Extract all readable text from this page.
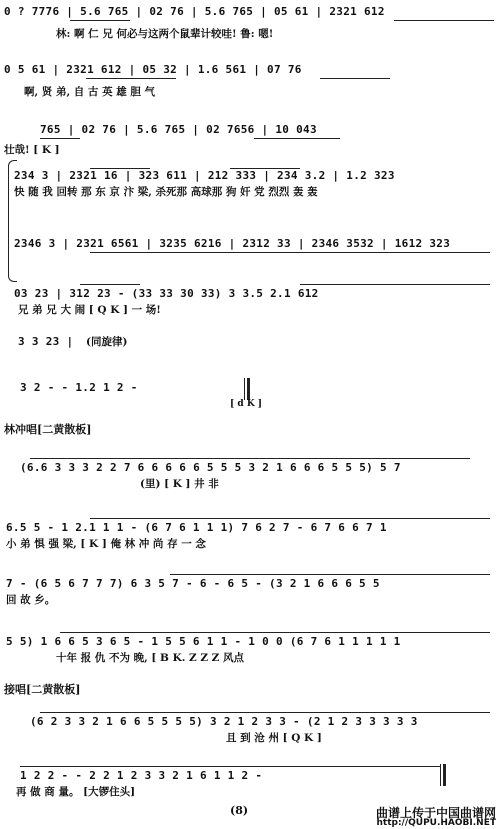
0 ? 7776 | 5.6 765 | 02 76 | 5.6 765 | 05 61 | 2321 612
林: 啊 仁 兄 何必与这两个鼠辈计较哇! 鲁: 嗯!
0 5 61 | 2321 612 | 05 32 | 1.6 561 | 07 76
啊, 贤 弟, 自 古 英 雄 胆 气
765 | 02 76 | 5.6 765 | 02 7656 | 10 043
壮哉! [ K ]
234 3 | 2321 16 | 323 611 | 212 333 | 234 3.2 | 1.2 323
快 随 我 回转 那 东 京 汴 梁, 杀死那 高球那 狗 奸 党 烈烈 轰 轰
2346 3 | 2321 6561 | 3235 6216 | 2312 33 | 2346 3532 | 1612 323
03 23 | 312 23 - (33 33 30 33) 3 3.5 2.1 612
兄 弟 兄 大 闹 [ Q K ] 一 场!
3 3 23 | (同旋律)
3 2 - - 1.2 1 2 -
[ d K ]
林冲唱[二黄散板]
(6.6 3 3 3 2 2 7 6 6 6 6 6 5 5 5 3 2 1 6 6 6 5 5 5) 5 7
(里) [ K ] 井 非
6.5 5 - 1 2.1 1 1 - (6 7 6 1 1 1) 7 6 2 7 - 6 7 6 6 7 1
小 弟 惧 强 梁, [ K ] 俺 林 冲 尚 存 一 念
7 - (6 5 6 7 7 7) 6 3 5 7 - 6 - 6 5 - (3 2 1 6 6 6 5 5
回 故 乡。
5 5) 1 6 6 5 3 6 5 - 1 5 5 6 1 1 - 1 0 0 (6 7 6 1 1 1 1 1
十年 报 仇 不为 晚, [ B K. Z Z Z 风点
接唱[二黄散板]
(6 2 3 3 2 1 6 6 5 5 5 5) 3 2 1 2 3 3 - (2 1 2 3 3 3 3 3
且 到 沧 州 [ Q K ]
1 2 2 - - 2 2 1 2 3 3 2 1 6 1 1 2 -
再 做 商 量。 [大锣住头]
(8)	曲谱上传于中国曲谱网
http://QUPU.HAOBI.NET
